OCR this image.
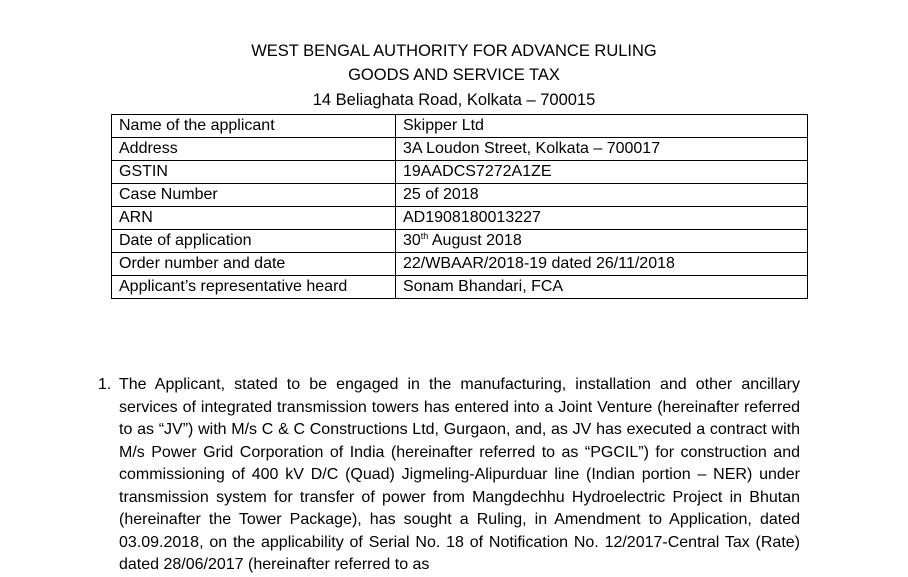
WEST BENGAL AUTHORITY FOR ADVANCE RULING
GOODS AND SERVICE TAX
14 Beliaghata Road, Kolkata – 700015
Name of the applicant	Skipper Ltd
Address	3A Loudon Street, Kolkata – 700017
GSTIN	19AADCS7272A1ZE
Case Number	25 of 2018
ARN	AD1908180013227
Date of application	30th August 2018
Order number and date	22/WBAAR/2018-19 dated 26/11/2018
Applicant’s representative heard	Sonam Bhandari, FCA
1. The Applicant, stated to be engaged in the manufacturing, installation and other ancillary services of integrated transmission towers has entered into a Joint Venture (hereinafter referred to as “JV”) with M/s C & C Constructions Ltd, Gurgaon, and, as JV has executed a contract with M/s Power Grid Corporation of India (hereinafter referred to as “PGCIL”) for construction and commissioning of 400 kV D/C (Quad) Jigmeling-Alipurduar line (Indian portion – NER) under transmission system for transfer of power from Mangdechhu Hydroelectric Project in Bhutan (hereinafter the Tower Package), has sought a Ruling, in Amendment to Application, dated 03.09.2018, on the applicability of Serial No. 18 of Notification No. 12/2017-Central Tax (Rate) dated 28/06/2017 (hereinafter referred to as
